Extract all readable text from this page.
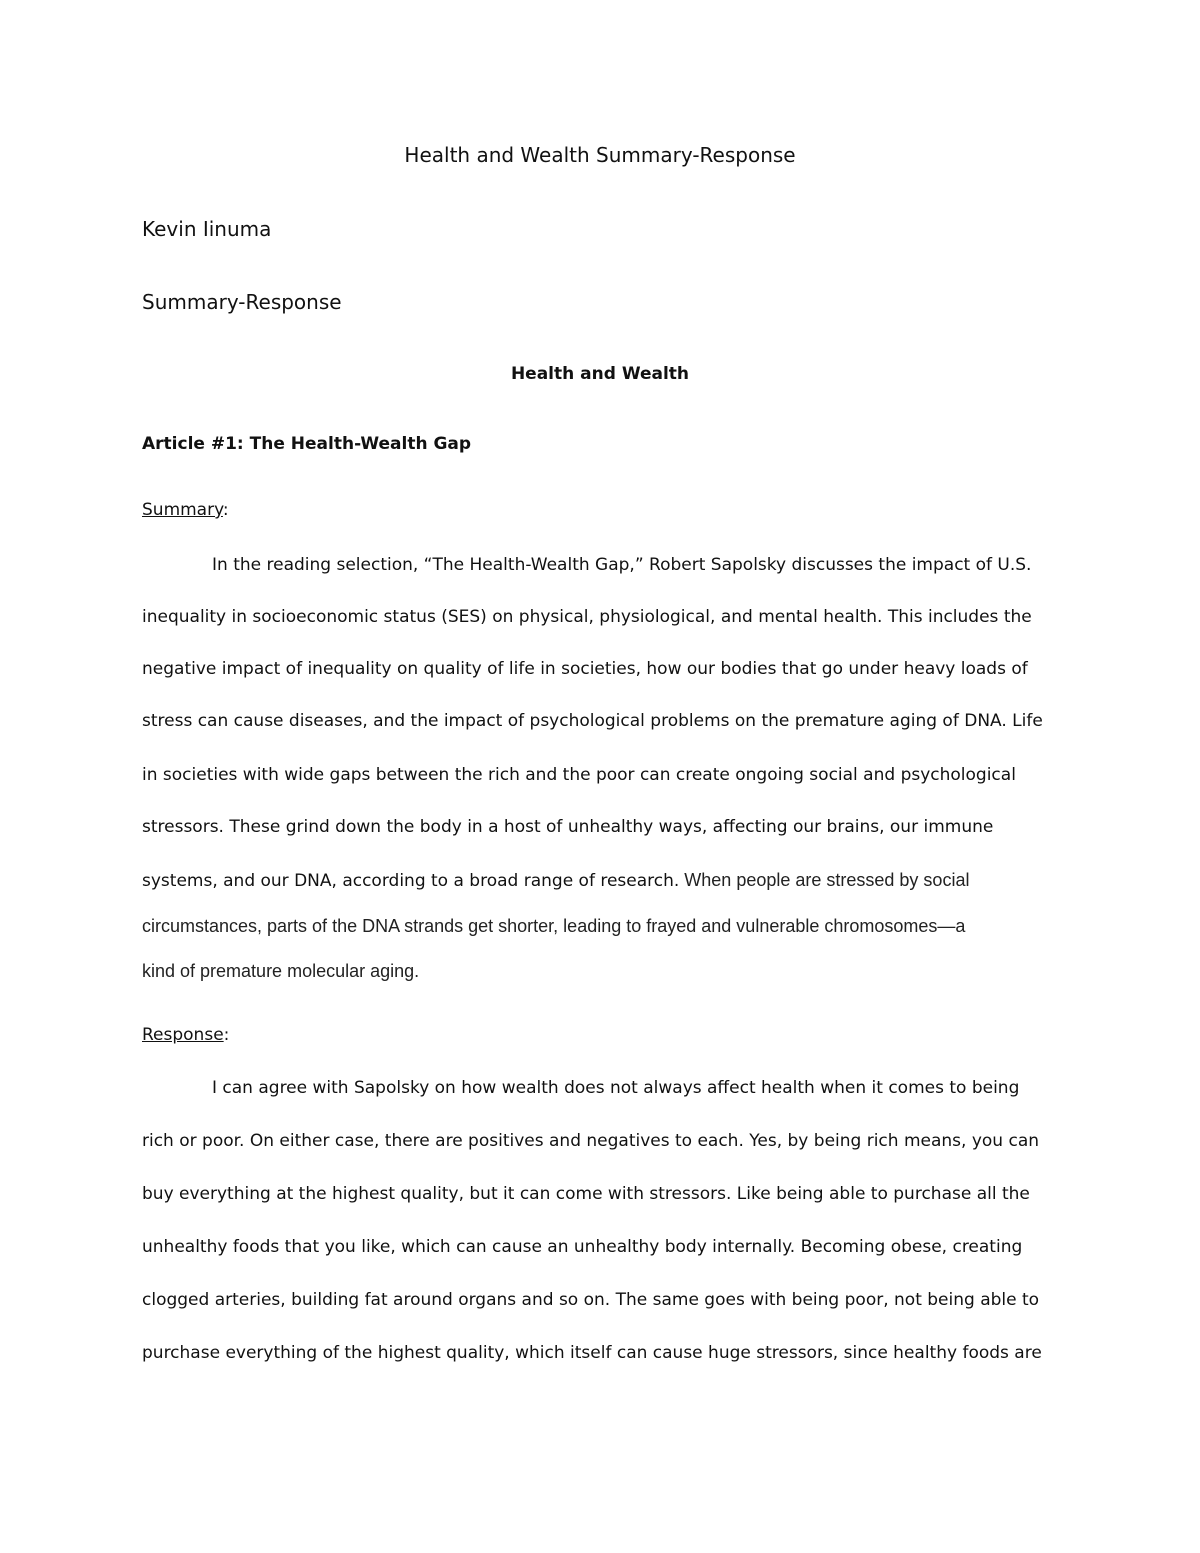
Health and Wealth Summary-Response

Kevin Iinuma

Summary-Response

Health and Wealth

Article #1: The Health-Wealth Gap

Summary:

In the reading selection, “The Health-Wealth Gap,” Robert Sapolsky discusses the impact of U.S.

inequality in socioeconomic status (SES) on physical, physiological, and mental health. This includes the

negative impact of inequality on quality of life in societies, how our bodies that go under heavy loads of

stress can cause diseases, and the impact of psychological problems on the premature aging of DNA. Life

in societies with wide gaps between the rich and the poor can create ongoing social and psychological

stressors. These grind down the body in a host of unhealthy ways, affecting our brains, our immune

systems, and our DNA, according to a broad range of research. When people are stressed by social

circumstances, parts of the DNA strands get shorter, leading to frayed and vulnerable chromosomes—a

kind of premature molecular aging.

Response:

I can agree with Sapolsky on how wealth does not always affect health when it comes to being

rich or poor. On either case, there are positives and negatives to each. Yes, by being rich means, you can

buy everything at the highest quality, but it can come with stressors. Like being able to purchase all the

unhealthy foods that you like, which can cause an unhealthy body internally. Becoming obese, creating

clogged arteries, building fat around organs and so on. The same goes with being poor, not being able to

purchase everything of the highest quality, which itself can cause huge stressors, since healthy foods are
